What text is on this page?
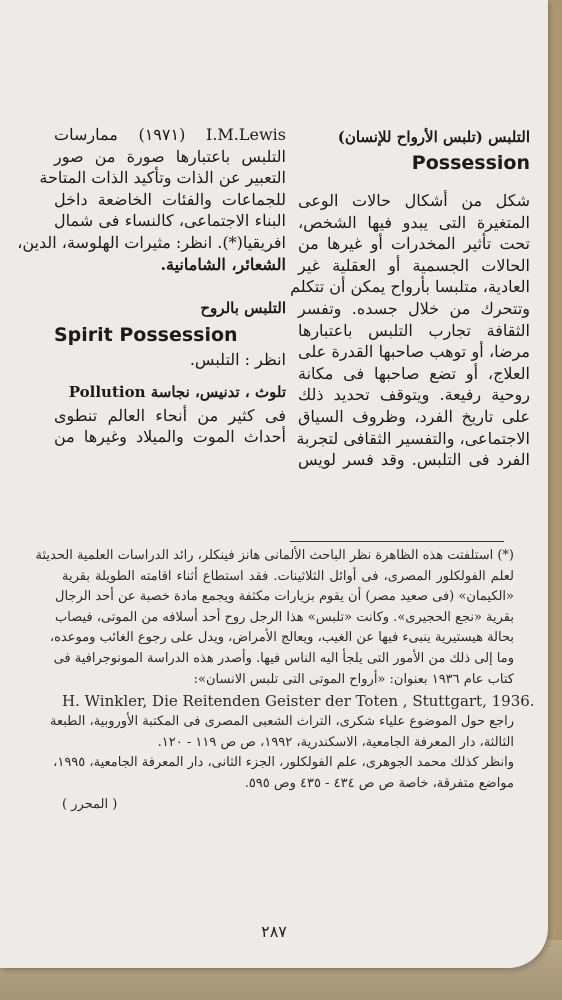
التلبس (تلبس الأرواح للإنسان)
Possession
شكل من أشكال حالات الوعى
المتغيرة التى يبدو فيها الشخص،
تحت تأثير المخدرات أو غيرها من
الحالات الجسمية أو العقلية غير
العادية، متلبسا بأرواح يمكن أن تتكلم
وتتحرك من خلال جسده. وتفسر
الثقافة تجارب التلبس باعتبارها
مرضا، أو توهب صاحبها القدرة على
العلاج، أو تضع صاحبها فى مكانة
روحية رفيعة. ويتوقف تحديد ذلك
على تاريخ الفرد، وظروف السياق
الاجتماعى، والتفسير الثقافى لتجربة
الفرد فى التلبس. وقد فسر لويس
I.M.Lewis (١٩٧١) ممارسات
التلبس باعتبارها صورة من صور
التعبير عن الذات وتأكيد الذات المتاحة
للجماعات والفئات الخاضعة داخل
البناء الاجتماعى، كالنساء فى شمال
افريقيا(*). انظر: مثيرات الهلوسة، الدين،
الشعائر، الشامانية.
التلبس بالروح
Spirit Possession
انظر : التلبس.
تلوث ، تدنيس، نجاسة Pollution
فى كثير من أنحاء العالم تنطوى
أحداث الموت والميلاد وغيرها من
(*) استلفتت هذه الظاهرة نظر الباحث الألمانى هانز فينكلر، رائد الدراسات العلمية الحديثة
لعلم الفولكلور المصرى، فى أوائل الثلاثينات. فقد استطاع أثناء اقامته الطويلة بقرية
«الكيمان» (فى صعيد مصر) أن يقوم بزيارات مكثفة ويجمع مادة خصبة عن أحد الرجال
بقرية «نجع الحجيرى». وكانت «تلبس» هذا الرجل روح أحد أسلافه من الموتى، فيصاب
بحالة هيستيرية ينبىء فيها عن الغيب، ويعالج الأمراض، ويدل على رجوع الغائب وموعده،
وما إلى ذلك من الأمور التى يلجأ اليه الناس فيها. وأصدر هذه الدراسة المونوجرافية فى
كتاب عام ١٩٣٦ بعنوان: «أرواح الموتى التى تلبس الانسان»:
H. Winkler, Die Reitenden Geister der Toten , Stuttgart, 1936.
راجع حول الموضوع علياء شكرى، التراث الشعبى المصرى فى المكتبة الأوروبية، الطبعة
الثالثة، دار المعرفة الجامعية، الاسكندرية، ١٩٩٢، ص ص ١١٩ - ١٢٠.
وانظر كذلك محمد الجوهرى، علم الفولكلور، الجزء الثانى، دار المعرفة الجامعية، ١٩٩٥،
مواضع متفرقة، خاصة ص ص ٤٣٤ - ٤٣٥ وص ٥٩٥.
( المحرر )
٢٨٧
